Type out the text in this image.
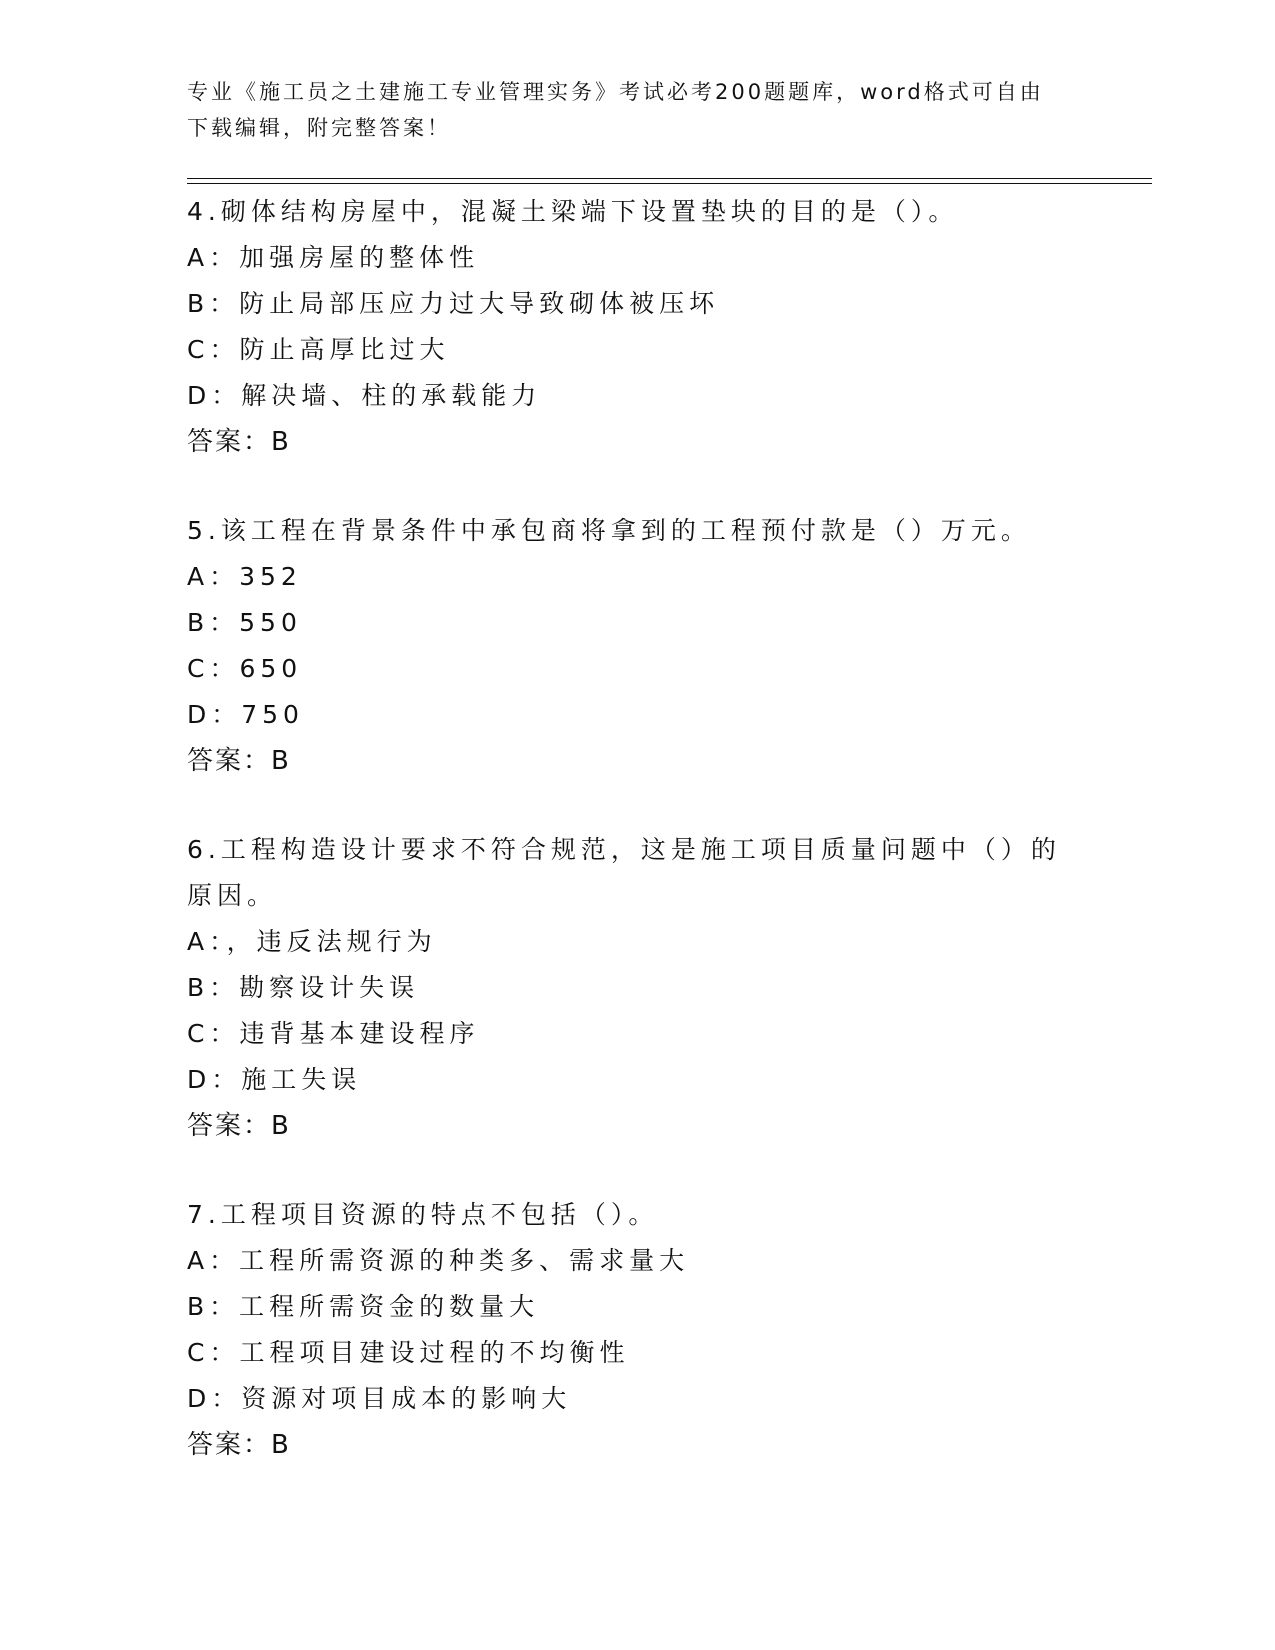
专业《施工员之土建施工专业管理实务》考试必考200题题库，word格式可自由下载编辑，附完整答案！

4.砌体结构房屋中，混凝土梁端下设置垫块的目的是（）。

A：加强房屋的整体性

B：防止局部压应力过大导致砌体被压坏

C：防止高厚比过大

D：解决墙、柱的承载能力

答案：B

5.该工程在背景条件中承包商将拿到的工程预付款是（）万元。

A：352

B：550

C：650

D：750

答案：B

6.工程构造设计要求不符合规范，这是施工项目质量问题中（）的原因。

A：，违反法规行为

B：勘察设计失误

C：违背基本建设程序

D：施工失误

答案：B

7.工程项目资源的特点不包括（）。

A：工程所需资源的种类多、需求量大

B：工程所需资金的数量大

C：工程项目建设过程的不均衡性

D：资源对项目成本的影响大

答案：B
